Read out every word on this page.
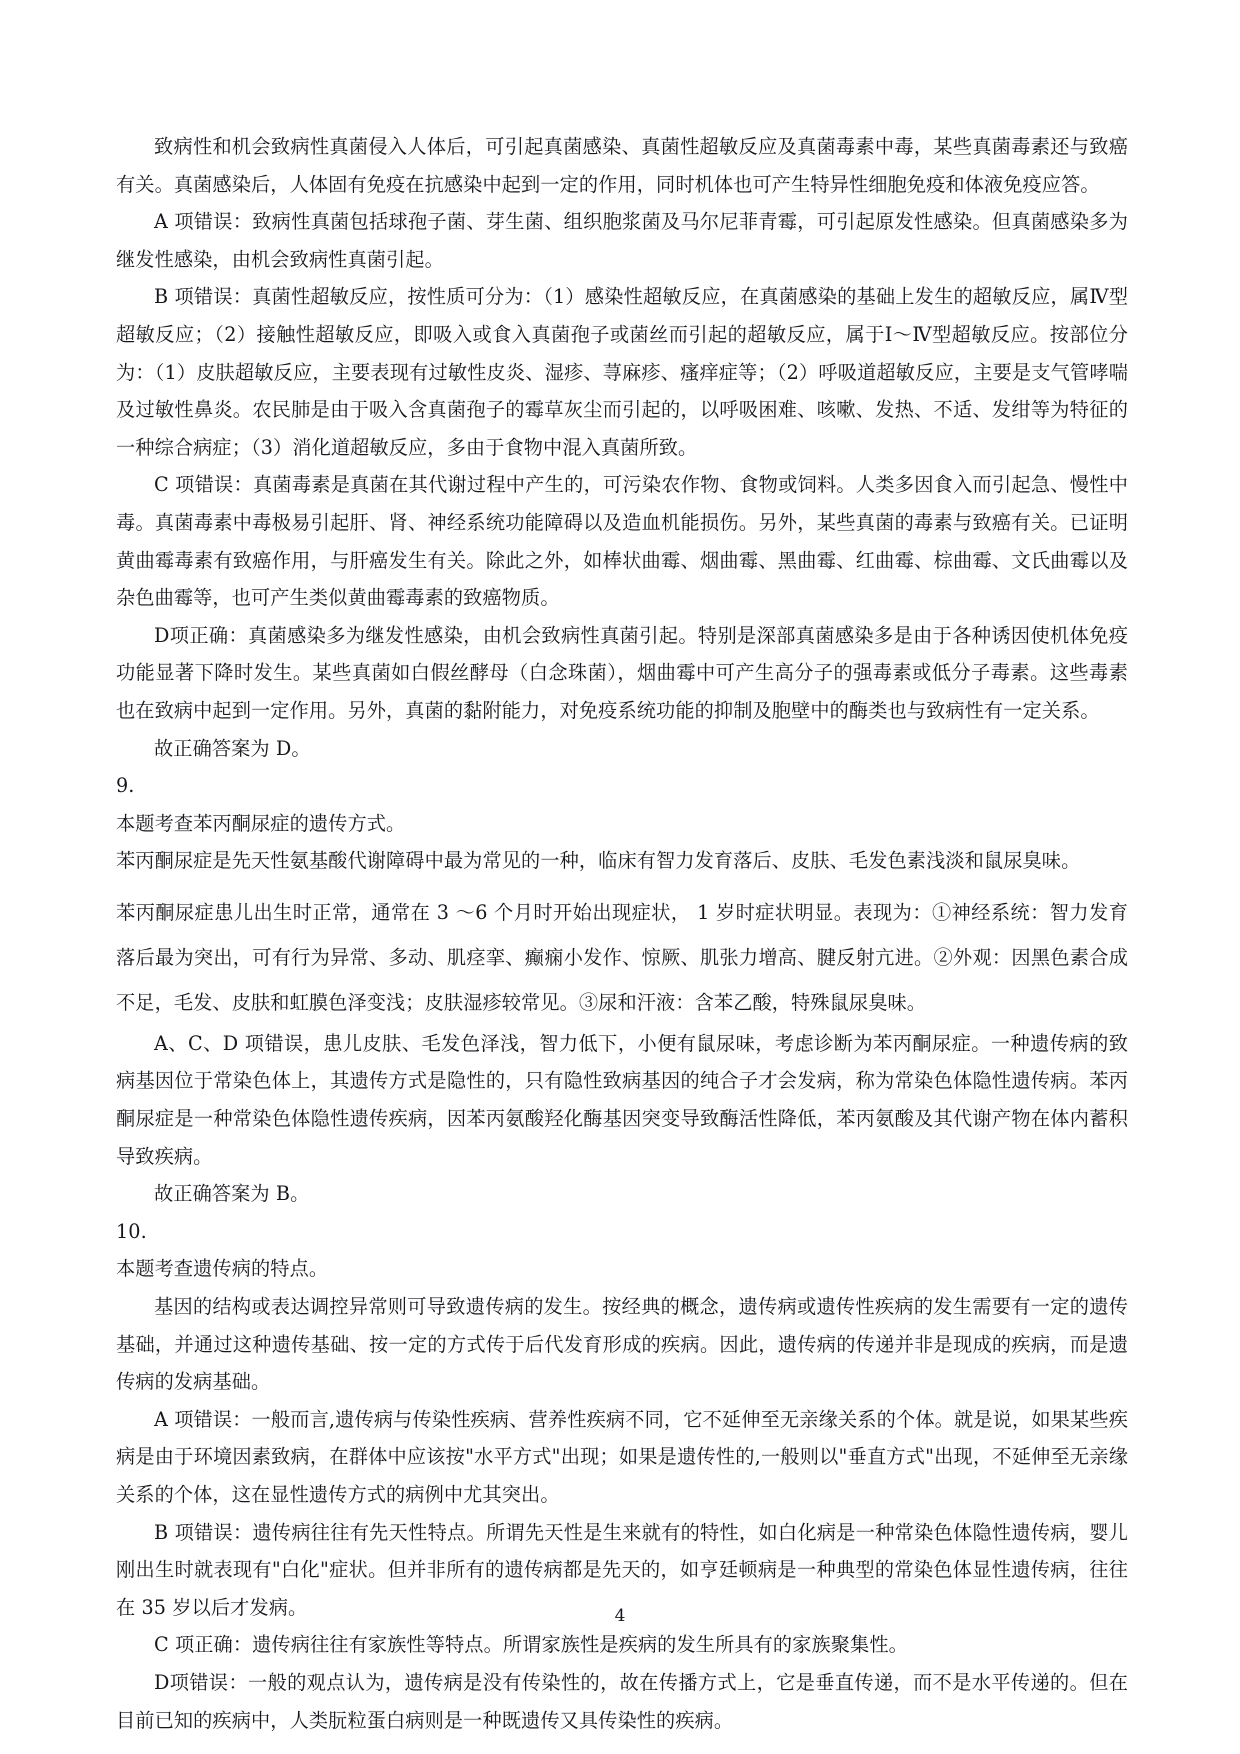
致病性和机会致病性真菌侵入人体后，可引起真菌感染、真菌性超敏反应及真菌毒素中毒，某些真菌毒素还与致癌有关。真菌感染后，人体固有免疫在抗感染中起到一定的作用，同时机体也可产生特异性细胞免疫和体液免疫应答。

A 项错误：致病性真菌包括球孢子菌、芽生菌、组织胞浆菌及马尔尼菲青霉，可引起原发性感染。但真菌感染多为继发性感染，由机会致病性真菌引起。

B 项错误：真菌性超敏反应，按性质可分为：（1）感染性超敏反应，在真菌感染的基础上发生的超敏反应，属Ⅳ型超敏反应；（2）接触性超敏反应，即吸入或食入真菌孢子或菌丝而引起的超敏反应，属于Ⅰ～Ⅳ型超敏反应。按部位分为：（1）皮肤超敏反应，主要表现有过敏性皮炎、湿疹、荨麻疹、瘙痒症等；（2）呼吸道超敏反应，主要是支气管哮喘及过敏性鼻炎。农民肺是由于吸入含真菌孢子的霉草灰尘而引起的，以呼吸困难、咳嗽、发热、不适、发绀等为特征的一种综合病症；（3）消化道超敏反应，多由于食物中混入真菌所致。

C 项错误：真菌毒素是真菌在其代谢过程中产生的，可污染农作物、食物或饲料。人类多因食入而引起急、慢性中毒。真菌毒素中毒极易引起肝、肾、神经系统功能障碍以及造血机能损伤。另外，某些真菌的毒素与致癌有关。已证明黄曲霉毒素有致癌作用，与肝癌发生有关。除此之外，如棒状曲霉、烟曲霉、黑曲霉、红曲霉、棕曲霉、文氏曲霉以及杂色曲霉等，也可产生类似黄曲霉毒素的致癌物质。

D项正确：真菌感染多为继发性感染，由机会致病性真菌引起。特别是深部真菌感染多是由于各种诱因使机体免疫功能显著下降时发生。某些真菌如白假丝酵母（白念珠菌），烟曲霉中可产生高分子的强毒素或低分子毒素。这些毒素也在致病中起到一定作用。另外，真菌的黏附能力，对免疫系统功能的抑制及胞壁中的酶类也与致病性有一定关系。

故正确答案为 D。

9.

本题考查苯丙酮尿症的遗传方式。

苯丙酮尿症是先天性氨基酸代谢障碍中最为常见的一种，临床有智力发育落后、皮肤、毛发色素浅淡和鼠尿臭味。

苯丙酮尿症患儿出生时正常，通常在 3 ～6 个月时开始出现症状， 1 岁时症状明显。表现为：①神经系统：智力发育落后最为突出，可有行为异常、多动、肌痉挛、癫痫小发作、惊厥、肌张力增高、腱反射亢进。②外观：因黑色素合成不足，毛发、皮肤和虹膜色泽变浅；皮肤湿疹较常见。③尿和汗液：含苯乙酸，特殊鼠尿臭味。

A、C、D 项错误，患儿皮肤、毛发色泽浅，智力低下，小便有鼠尿味，考虑诊断为苯丙酮尿症。一种遗传病的致病基因位于常染色体上，其遗传方式是隐性的，只有隐性致病基因的纯合子才会发病，称为常染色体隐性遗传病。苯丙酮尿症是一种常染色体隐性遗传疾病，因苯丙氨酸羟化酶基因突变导致酶活性降低，苯丙氨酸及其代谢产物在体内蓄积导致疾病。

故正确答案为 B。

10.

本题考查遗传病的特点。

基因的结构或表达调控异常则可导致遗传病的发生。按经典的概念，遗传病或遗传性疾病的发生需要有一定的遗传基础，并通过这种遗传基础、按一定的方式传于后代发育形成的疾病。因此，遗传病的传递并非是现成的疾病，而是遗传病的发病基础。

A 项错误：一般而言,遗传病与传染性疾病、营养性疾病不同，它不延伸至无亲缘关系的个体。就是说，如果某些疾病是由于环境因素致病，在群体中应该按"水平方式"出现；如果是遗传性的,一般则以"垂直方式"出现，不延伸至无亲缘关系的个体，这在显性遗传方式的病例中尤其突出。

B 项错误：遗传病往往有先天性特点。所谓先天性是生来就有的特性，如白化病是一种常染色体隐性遗传病，婴儿刚出生时就表现有"白化"症状。但并非所有的遗传病都是先天的，如亨廷顿病是一种典型的常染色体显性遗传病，往往在 35 岁以后才发病。

C 项正确：遗传病往往有家族性等特点。所谓家族性是疾病的发生所具有的家族聚集性。

D项错误：一般的观点认为，遗传病是没有传染性的，故在传播方式上，它是垂直传递，而不是水平传递的。但在目前已知的疾病中，人类朊粒蛋白病则是一种既遗传又具传染性的疾病。

4
